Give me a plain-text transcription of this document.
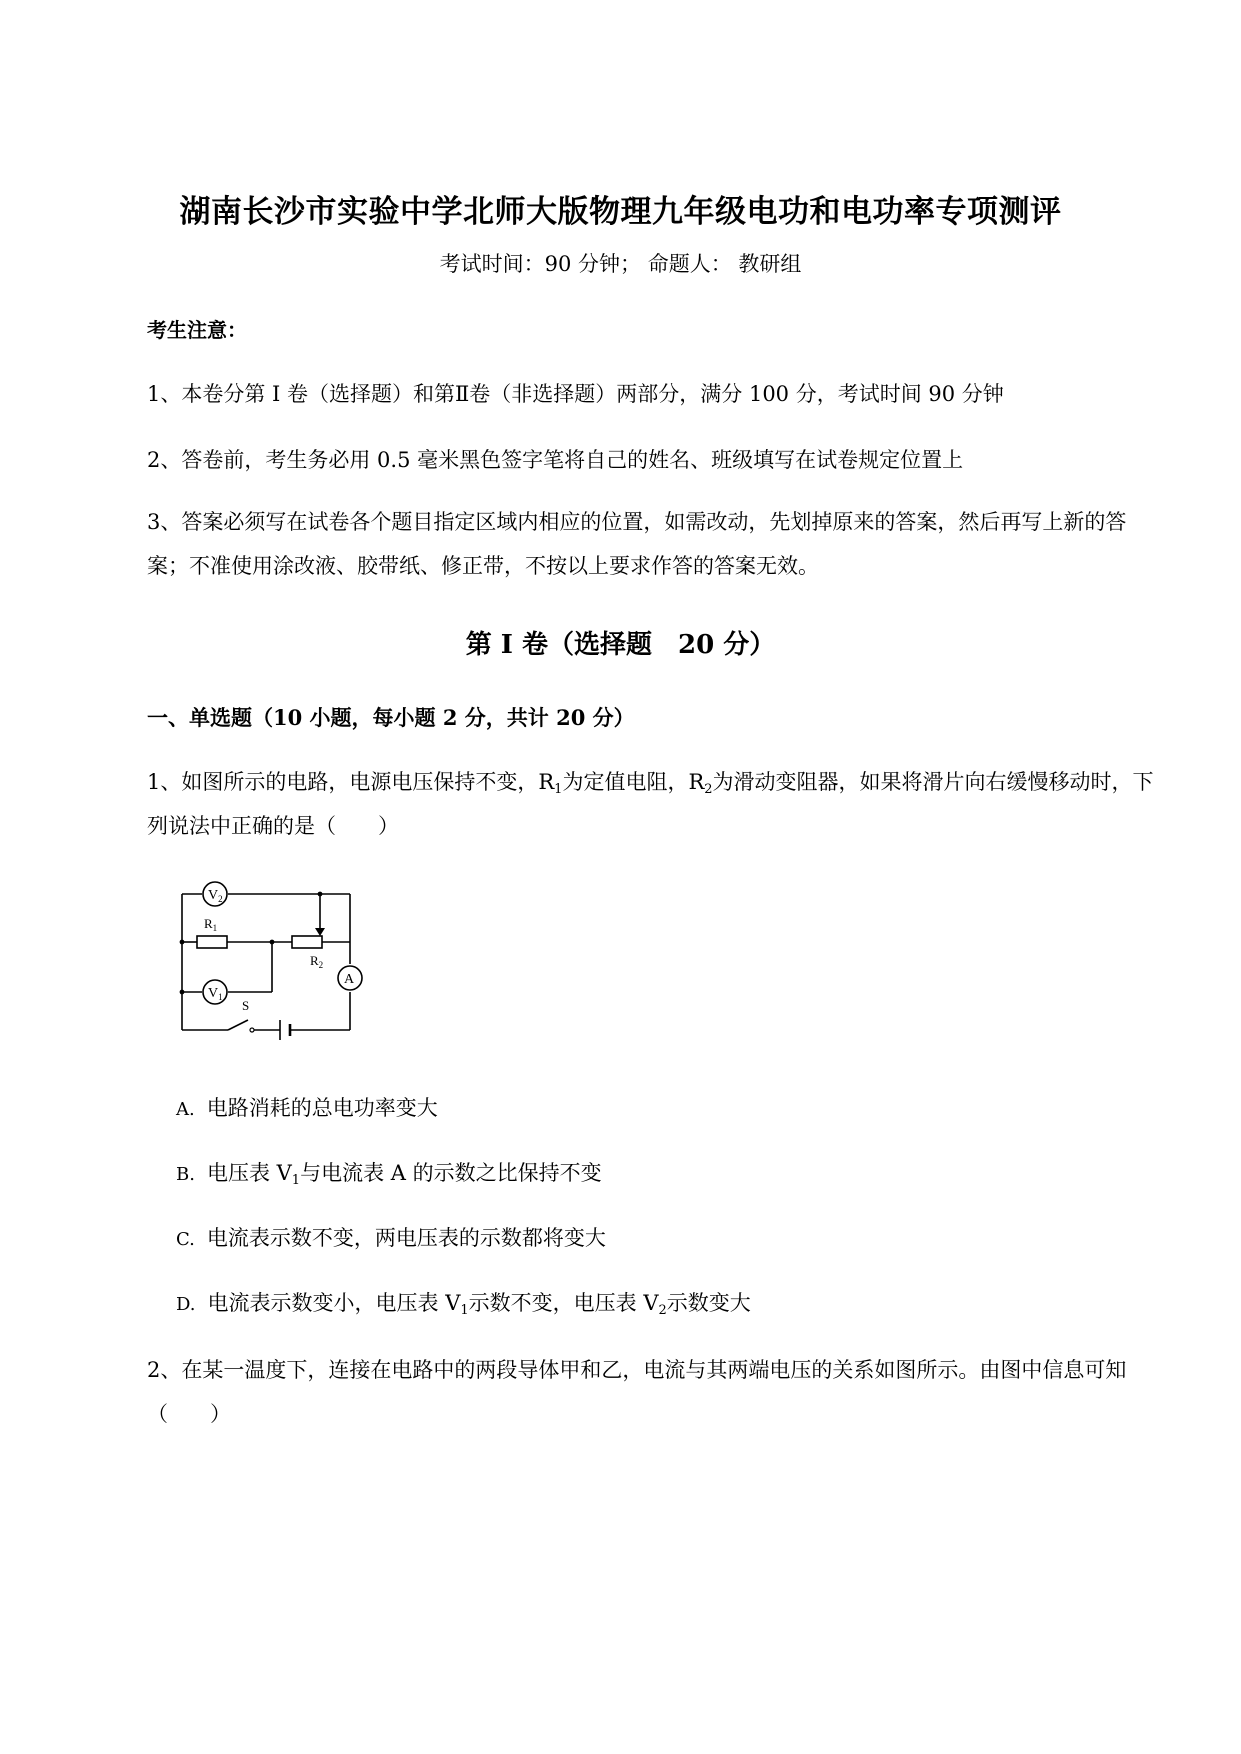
湖南长沙市实验中学北师大版物理九年级电功和电功率专项测评
考试时间：90 分钟； 命题人： 教研组
考生注意：
1、本卷分第 I 卷（选择题）和第Ⅱ卷（非选择题）两部分，满分 100 分，考试时间 90 分钟
2、答卷前，考生务必用 0.5 毫米黑色签字笔将自己的姓名、班级填写在试卷规定位置上
3、答案必须写在试卷各个题目指定区域内相应的位置，如需改动，先划掉原来的答案，然后再写上新的答案；不准使用涂改液、胶带纸、修正带，不按以上要求作答的答案无效。
第 I 卷（选择题　20 分）
一、单选题（10 小题，每小题 2 分，共计 20 分）
1、如图所示的电路，电源电压保持不变，$R_1$为定值电阻，$R_2$为滑动变阻器，如果将滑片向右缓慢移动时，下列说法中正确的是（　　）
$V_2$
$V_1$
A
$R_1$
$R_2$
S
A. 电路消耗的总电功率变大
B. 电压表 $V_1$与电流表 A 的示数之比保持不变
C. 电流表示数不变，两电压表的示数都将变大
D. 电流表示数变小，电压表 $V_1$示数不变，电压表 $V_2$示数变大
2、在某一温度下，连接在电路中的两段导体甲和乙，电流与其两端电压的关系如图所示。由图中信息可知（　　）
